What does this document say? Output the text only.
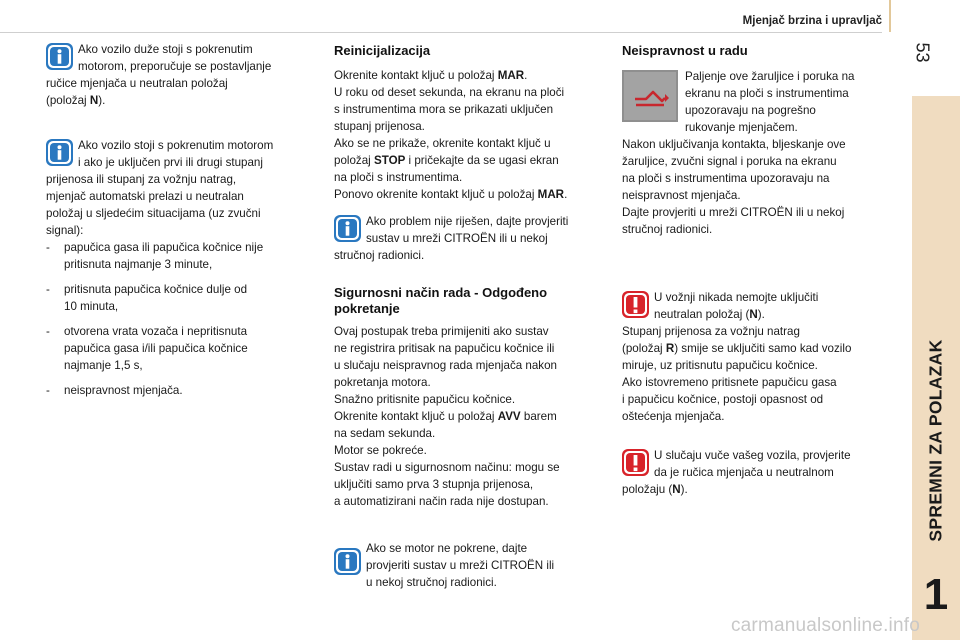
Mjenjač brzina i upravljač
53
SPREMNI ZA POLAZAK
1

Ako vozilo duže stoji s pokrenutim

motorom, preporučuje se postavljanje

ručice mjenjača u neutralan položaj

(položaj N).

Ako vozilo stoji s pokrenutim motorom

i ako je uključen prvi ili drugi stupanj

prijenosa ili stupanj za vožnju natrag,

mjenjač automatski prelazi u neutralan

položaj u sljedećim situacijama (uz zvučni

signal):

- papučica gasa ili papučica kočnice nije

pritisnuta najmanje 3 minute,

- pritisnuta papučica kočnice dulje od

10 minuta,

- otvorena vrata vozača i nepritisnuta

papučica gasa i/ili papučica kočnice

najmanje 1,5 s,

- neispravnost mjenjača.

Reinicijalizacija

Okrenite kontakt ključ u položaj MAR.

U roku od deset sekunda, na ekranu na ploči

s instrumentima mora se prikazati uključen

stupanj prijenosa.

Ako se ne prikaže, okrenite kontakt ključ u

položaj STOP i pričekajte da se ugasi ekran

na ploči s instrumentima.

Ponovo okrenite kontakt ključ u položaj MAR.

Ako problem nije riješen, dajte provjeriti

sustav u mreži CITROËN ili u nekoj

stručnoj radionici.

Sigurnosni način rada - Odgođeno
pokretanje

Ovaj postupak treba primijeniti ako sustav

ne registrira pritisak na papučicu kočnice ili

u slučaju neispravnog rada mjenjača nakon

pokretanja motora.

Snažno pritisnite papučicu kočnice.

Okrenite kontakt ključ u položaj AVV barem

na sedam sekunda.

Motor se pokreće.

Sustav radi u sigurnosnom načinu: mogu se

uključiti samo prva 3 stupnja prijenosa,

a automatizirani način rada nije dostupan.

Ako se motor ne pokrene, dajte

provjeriti sustav u mreži CITROËN ili

u nekoj stručnoj radionici.

Neispravnost u radu

Paljenje ove žaruljice i poruka na

ekranu na ploči s instrumentima

upozoravaju na pogrešno

rukovanje mjenjačem.

Nakon uključivanja kontakta, bljeskanje ove

žaruljice, zvučni signal i poruka na ekranu

na ploči s instrumentima upozoravaju na

neispravnost mjenjača.

Dajte provjeriti u mreži CITROËN ili u nekoj

stručnoj radionici.

U vožnji nikada nemojte uključiti

neutralan položaj (N).

Stupanj prijenosa za vožnju natrag

(položaj R) smije se uključiti samo kad vozilo

miruje, uz pritisnutu papučicu kočnice.

Ako istovremeno pritisnete papučicu gasa

i papučicu kočnice, postoji opasnost od

oštećenja mjenjača.

U slučaju vuče vašeg vozila, provjerite

da je ručica mjenjača u neutralnom

položaju (N).

carmanualsonline.info
